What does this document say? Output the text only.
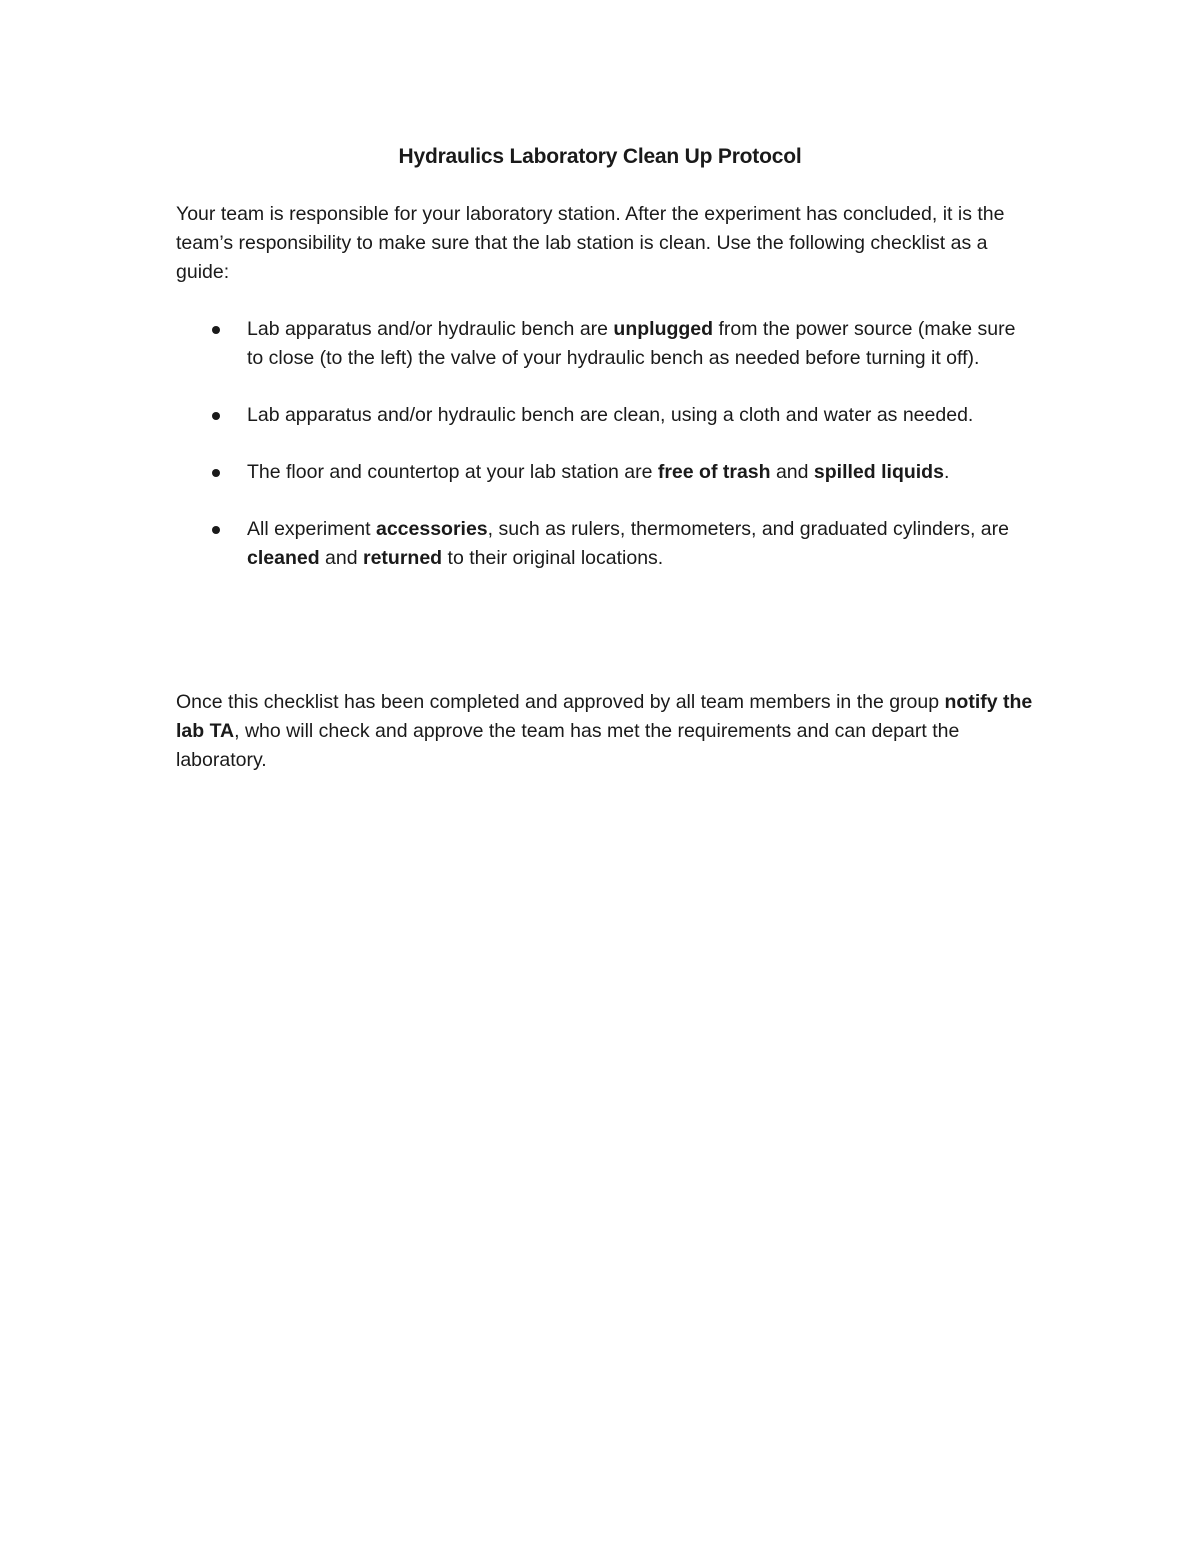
Hydraulics Laboratory Clean Up Protocol

Your team is responsible for your laboratory station. After the experiment has concluded, it is the team’s responsibility to make sure that the lab station is clean. Use the following checklist as a guide:

Lab apparatus and/or hydraulic bench are unplugged from the power source (make sure to close (to the left) the valve of your hydraulic bench as needed before turning it off).
Lab apparatus and/or hydraulic bench are clean, using a cloth and water as needed.
The floor and countertop at your lab station are free of trash and spilled liquids.
All experiment accessories, such as rulers, thermometers, and graduated cylinders, are cleaned and returned to their original locations.

Once this checklist has been completed and approved by all team members in the group notify the lab TA, who will check and approve the team has met the requirements and can depart the laboratory.
